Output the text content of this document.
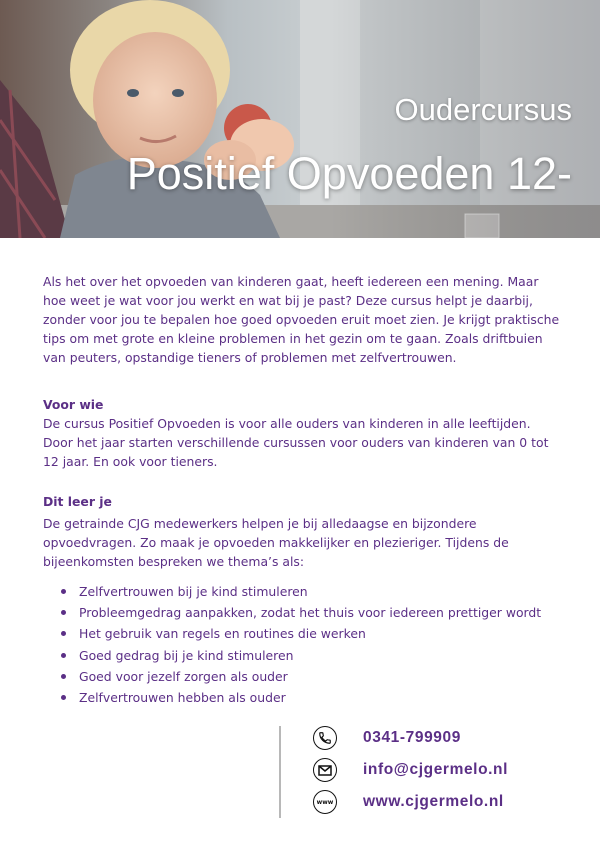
Oudercursus
Positief Opvoeden 12-

Als het over het opvoeden van kinderen gaat, heeft iedereen een mening. Maar hoe weet je wat voor jou werkt en wat bij je past? Deze cursus helpt je daarbij, zonder voor jou te bepalen hoe goed opvoeden eruit moet zien. Je krijgt praktische tips om met grote en kleine problemen in het gezin om te gaan. Zoals driftbuien van peuters, opstandige tieners of problemen met zelfvertrouwen.

Voor wie

De cursus Positief Opvoeden is voor alle ouders van kinderen in alle leeftijden. Door het jaar starten verschillende cursussen voor ouders van kinderen van 0 tot 12 jaar. En ook voor tieners.

Dit leer je

De getrainde CJG medewerkers helpen je bij alledaagse en bijzondere opvoedvragen. Zo maak je opvoeden makkelijker en plezieriger. Tijdens de bijeenkomsten bespreken we thema’s als:

Zelfvertrouwen bij je kind stimuleren
Probleemgedrag aanpakken, zodat het thuis voor iedereen prettiger wordt
Het gebruik van regels en routines die werken
Goed gedrag bij je kind stimuleren
Goed voor jezelf zorgen als ouder
Zelfvertrouwen hebben als ouder
0341-799909
info@cjgermelo.nl
www www.cjgermelo.nl
